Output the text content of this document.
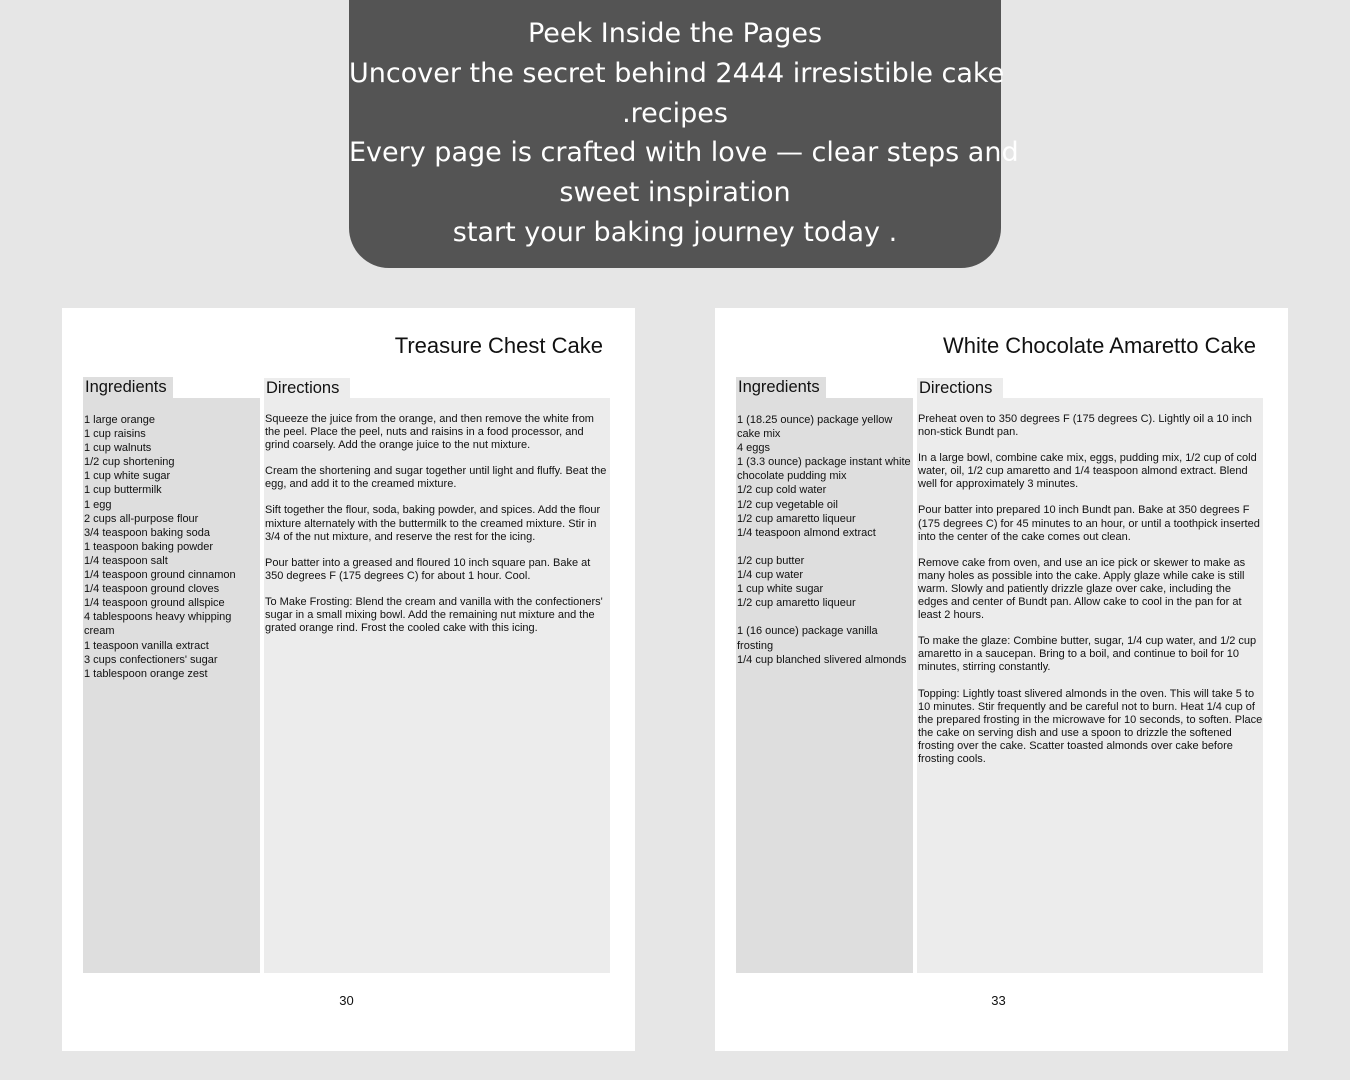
Peek Inside the Pages
Uncover the secret behind 2444 irresistible cake
.recipes
Every page is crafted with love — clear steps and
sweet inspiration
start your baking journey today .
Treasure Chest Cake
Ingredients	Directions
1 large orange
1 cup raisins
1 cup walnuts
1/2 cup shortening
1 cup white sugar
1 cup buttermilk
1 egg
2 cups all-purpose flour
3/4 teaspoon baking soda
1 teaspoon baking powder
1/4 teaspoon salt
1/4 teaspoon ground cinnamon
1/4 teaspoon ground cloves
1/4 teaspoon ground allspice
4 tablespoons heavy whipping cream
1 teaspoon vanilla extract
3 cups confectioners' sugar
1 tablespoon orange zest

Squeeze the juice from the orange, and then remove the white from the peel. Place the peel, nuts and raisins in a food processor, and grind coarsely. Add the orange juice to the nut mixture.

Cream the shortening and sugar together until light and fluffy. Beat the egg, and add it to the creamed mixture.

Sift together the flour, soda, baking powder, and spices. Add the flour mixture alternately with the buttermilk to the creamed mixture. Stir in 3/4 of the nut mixture, and reserve the rest for the icing.

Pour batter into a greased and floured 10 inch square pan. Bake at 350 degrees F (175 degrees C) for about 1 hour. Cool.

To Make Frosting: Blend the cream and vanilla with the confectioners' sugar in a small mixing bowl. Add the remaining nut mixture and the grated orange rind. Frost the cooled cake with this icing.

30
White Chocolate Amaretto Cake
Ingredients	Directions
1 (18.25 ounce) package yellow cake mix
4 eggs
1 (3.3 ounce) package instant white chocolate pudding mix
1/2 cup cold water
1/2 cup vegetable oil
1/2 cup amaretto liqueur
1/4 teaspoon almond extract
1/2 cup butter
1/4 cup water
1 cup white sugar
1/2 cup amaretto liqueur
1 (16 ounce) package vanilla frosting
1/4 cup blanched slivered almonds

Preheat oven to 350 degrees F (175 degrees C). Lightly oil a 10 inch non-stick Bundt pan.

In a large bowl, combine cake mix, eggs, pudding mix, 1/2 cup of cold water, oil, 1/2 cup amaretto and 1/4 teaspoon almond extract. Blend well for approximately 3 minutes.

Pour batter into prepared 10 inch Bundt pan. Bake at 350 degrees F (175 degrees C) for 45 minutes to an hour, or until a toothpick inserted into the center of the cake comes out clean.

Remove cake from oven, and use an ice pick or skewer to make as many holes as possible into the cake. Apply glaze while cake is still warm. Slowly and patiently drizzle glaze over cake, including the edges and center of Bundt pan. Allow cake to cool in the pan for at least 2 hours.

To make the glaze: Combine butter, sugar, 1/4 cup water, and 1/2 cup amaretto in a saucepan. Bring to a boil, and continue to boil for 10 minutes, stirring constantly.

Topping: Lightly toast slivered almonds in the oven. This will take 5 to 10 minutes. Stir frequently and be careful not to burn. Heat 1/4 cup of the prepared frosting in the microwave for 10 seconds, to soften. Place the cake on serving dish and use a spoon to drizzle the softened frosting over the cake. Scatter toasted almonds over cake before frosting cools.

33
